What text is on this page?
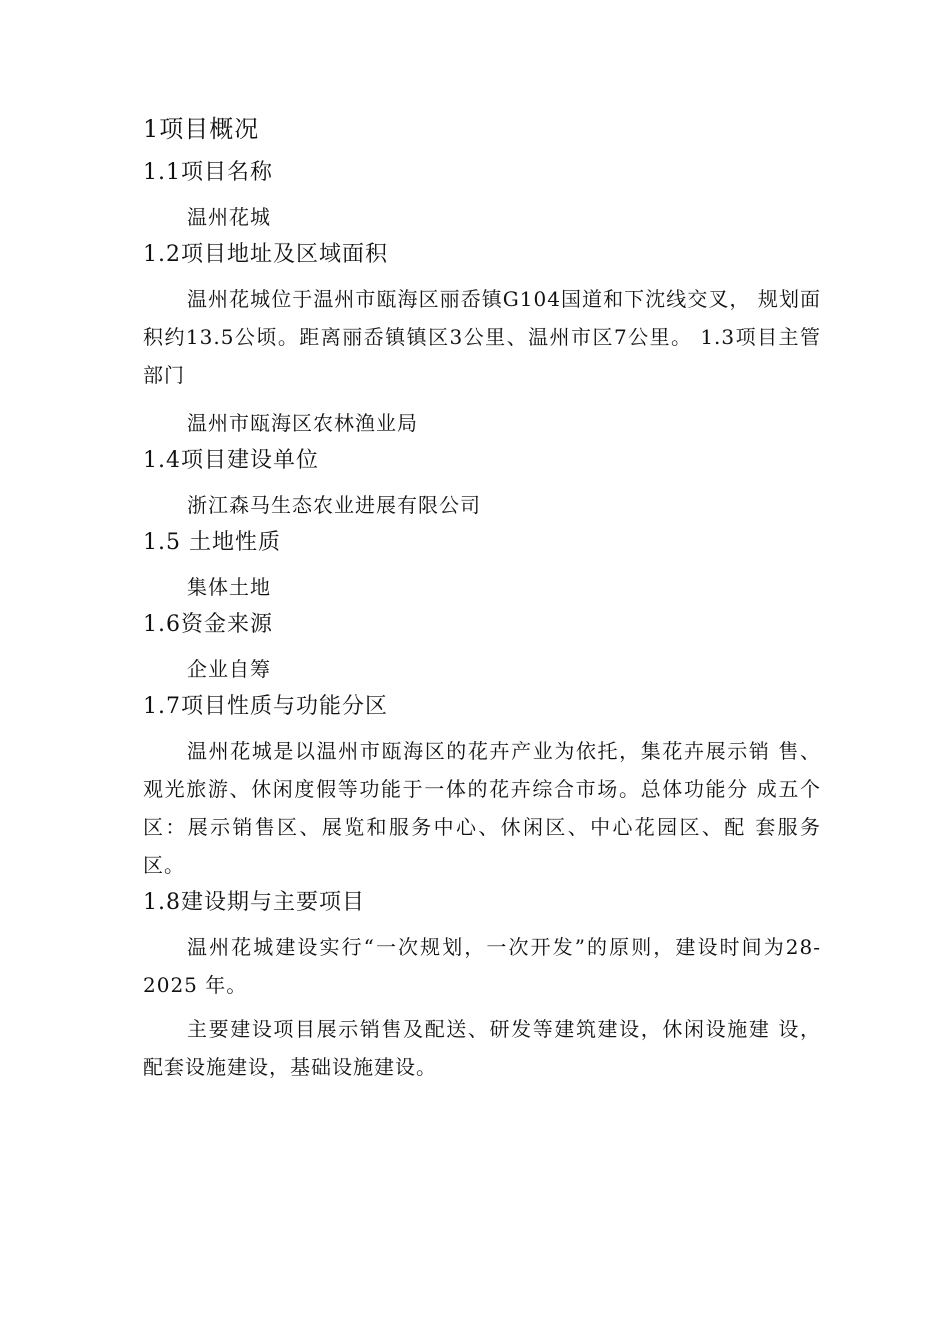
1项目概况
1.1项目名称

温州花城

1.2项目地址及区域面积

温州花城位于温州市瓯海区丽岙镇G104国道和下沈线交叉， 规划面积约13.5公顷。距离丽岙镇镇区3公里、温州市区7公里。 1.3项目主管部门

温州市瓯海区农林渔业局

1.4项目建设单位

浙江森马生态农业进展有限公司

1.5 土地性质

集体土地

1.6资金来源

企业自筹

1.7项目性质与功能分区

温州花城是以温州市瓯海区的花卉产业为依托，集花卉展示销 售、观光旅游、休闲度假等功能于一体的花卉综合市场。总体功能分 成五个区：展示销售区、展览和服务中心、休闲区、中心花园区、配 套服务区。

1.8建设期与主要项目

温州花城建设实行“一次规划，一次开发”的原则，建设时间为28-2025 年。

主要建设项目展示销售及配送、研发等建筑建设，休闲设施建 设，配套设施建设，基础设施建设。
